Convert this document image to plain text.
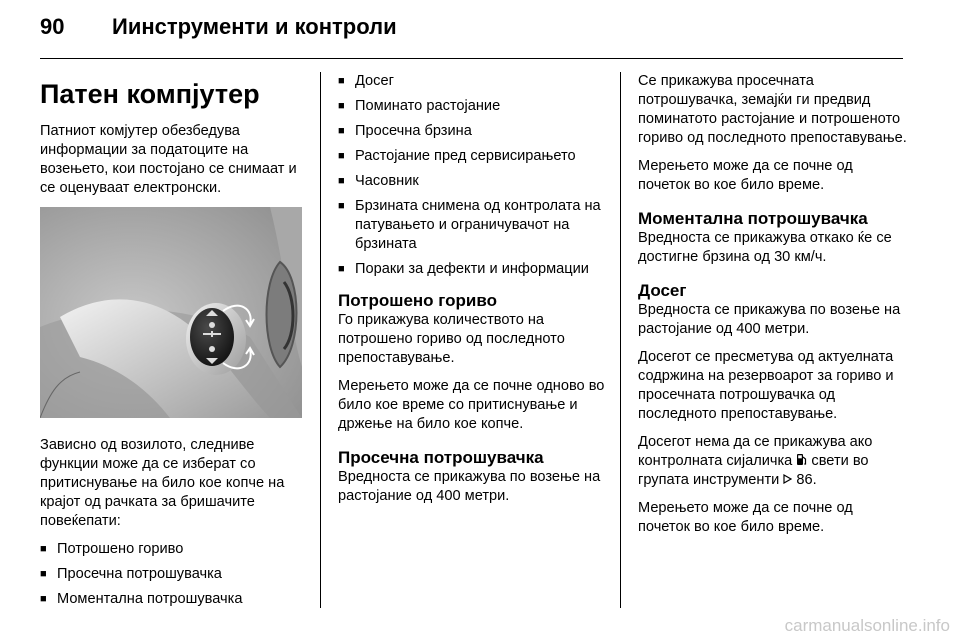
90	Иинструменти и контроли
Патен компјутер

Патниот комјутер обезбедува информации за податоците на возењето, кои постојано се снимаат и се оценуваат електронски.

Зависно од возилото, следниве функции може да се изберат со притиснување на било кое копче на крајот од рачката за бришачите повеќепати:

■ Потрошено гориво
■ Просечна потрошувачка
■ Моментална потрошувачка
■ Досег
■ Поминато растојание
■ Просечна брзина
■ Растојание пред сервисирањето
■ Часовник
■ Брзината снимена од контролата на патувањето и ограничувачот на брзината
■ Пораки за дефекти и информации
Потрошено гориво

Го прикажува количеството на потрошено гориво од последното препоставување.

Мерењето може да се почне одново во било кое време со притиснување и држење на било кое копче.

Просечна потрошувачка

Вредноста се прикажува по возење на растојание од 400 метри.

Се прикажува просечната потрошувачка, земајќи ги предвид поминатото растојание и потрошеното гориво од последното препоставување.

Мерењето може да се почне од почеток во кое било време.

Моментална потрошувачка

Вредноста се прикажува откако ќе се достигне брзина од 30 км/ч.

Досег

Вредноста се прикажува по возење на растојание од 400 метри.

Досегот се пресметува од актуелната содржина на резервоарот за гориво и просечната потрошувачка од последното препоставување.

Досегот нема да се прикажува ако контролната сијаличка свети во групата инструменти 86.

Мерењето може да се почне од почеток во кое било време.

carmanualsonline.info
